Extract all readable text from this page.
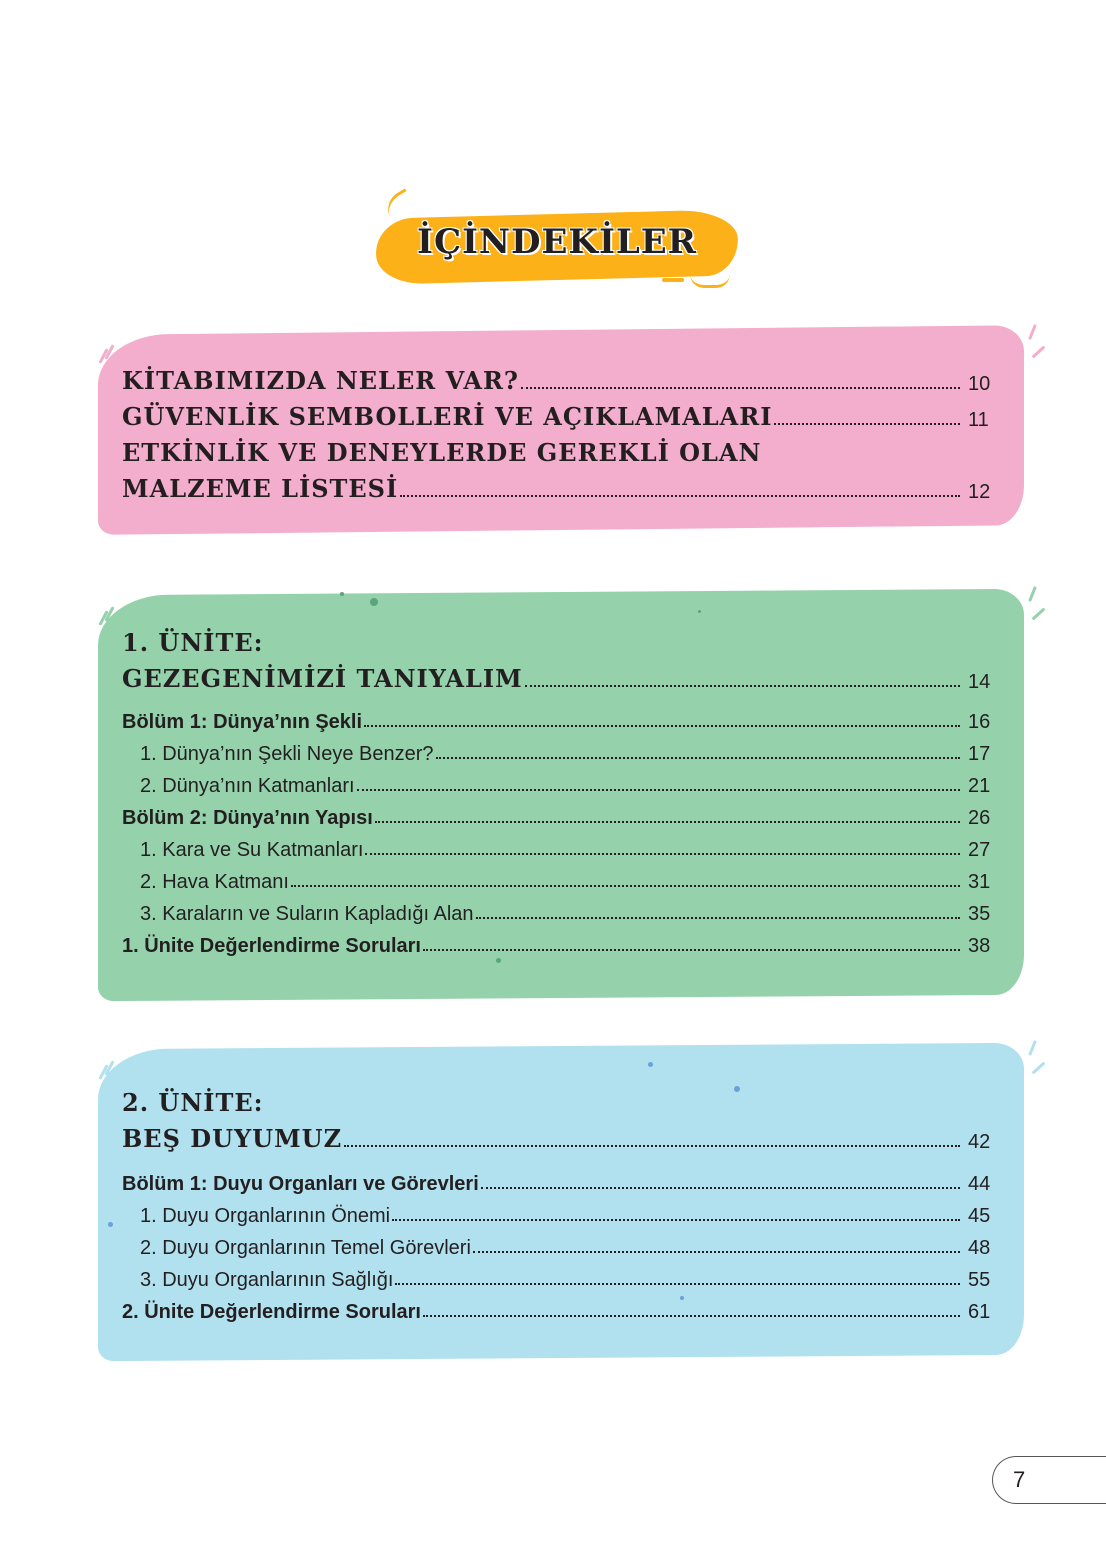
İÇİNDEKİLER
KİTABIMIZDA NELER VAR?	10
GÜVENLİK SEMBOLLERİ VE AÇIKLAMALARI	11
ETKİNLİK VE DENEYLERDE GEREKLİ OLAN
MALZEME LİSTESİ	12
1. ÜNİTE:
GEZEGENİMİZİ TANIYALIM	14
Bölüm 1: Dünya’nın Şekli	16
1. Dünya’nın Şekli Neye Benzer?	17
2. Dünya’nın Katmanları	21
Bölüm 2: Dünya’nın Yapısı	26
1. Kara ve Su Katmanları	27
2. Hava Katmanı	31
3. Karaların ve Suların Kapladığı Alan	35
1. Ünite Değerlendirme Soruları	38
2. ÜNİTE:
BEŞ DUYUMUZ	42
Bölüm 1: Duyu Organları ve Görevleri	44
1. Duyu Organlarının Önemi	45
2. Duyu Organlarının Temel Görevleri	48
3. Duyu Organlarının Sağlığı	55
2. Ünite Değerlendirme Soruları	61
7
